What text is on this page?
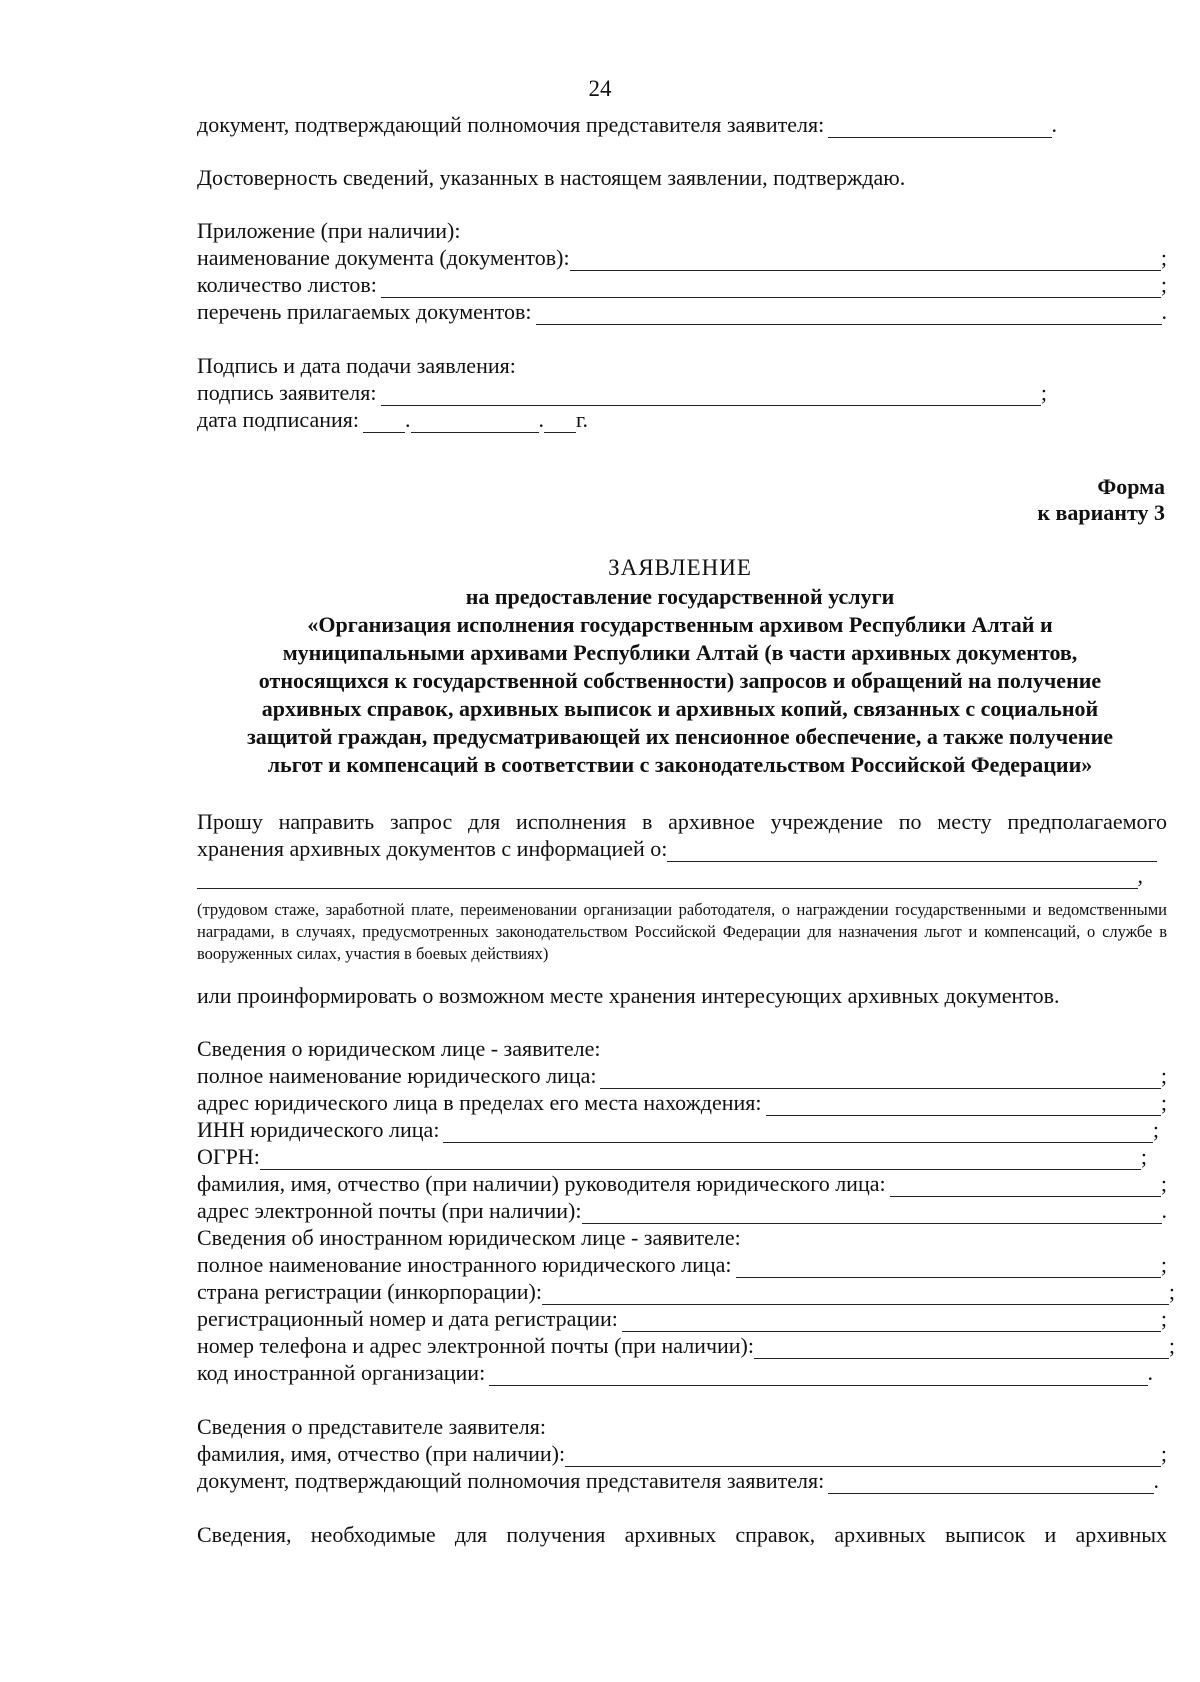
24
документ, подтверждающий полномочия представителя заявителя:	.
Достоверность сведений, указанных в настоящем заявлении, подтверждаю.
Приложение (при наличии):
наименование документа (документов):	;
количество листов:	;
перечень прилагаемых документов:	.
Подпись и дата подачи заявления:
подпись заявителя:	;
дата подписания: .	. г.
Форма
к варианту 3
ЗАЯВЛЕНИЕ
на предоставление государственной услуги
«Организация исполнения государственным архивом Республики Алтай и
муниципальными архивами Республики Алтай (в части архивных документов,
относящихся к государственной собственности) запросов и обращений на получение
архивных справок, архивных выписок и архивных копий, связанных с социальной
защитой граждан, предусматривающей их пенсионное обеспечение, а также получение
льгот и компенсаций в соответствии с законодательством Российской Федерации»
Прошу направить запрос для исполнения в архивное учреждение по месту предполагаемого
хранения архивных документов с информацией о:
,
(трудовом стаже, заработной плате, переименовании организации работодателя, о награждении государственными и ведомственными наградами, в случаях, предусмотренных законодательством Российской Федерации для назначения льгот и компенсаций, о службе в вооруженных силах, участия в боевых действиях)
или проинформировать о возможном месте хранения интересующих архивных документов.
Сведения о юридическом лице - заявителе:
полное наименование юридического лица:	;
адрес юридического лица в пределах его места нахождения:	;
ИНН юридического лица:	;
ОГРН:	;
фамилия, имя, отчество (при наличии) руководителя юридического лица:	;
адрес электронной почты (при наличии):	.
Сведения об иностранном юридическом лице - заявителе:
полное наименование иностранного юридического лица:	;
страна регистрации (инкорпорации):	;
регистрационный номер и дата регистрации:	;
номер телефона и адрес электронной почты (при наличии):	;
код иностранной организации:	.
Сведения о представителе заявителя:
фамилия, имя, отчество (при наличии):	;
документ, подтверждающий полномочия представителя заявителя:	.
Сведения, необходимые для получения архивных справок, архивных выписок и архивных
